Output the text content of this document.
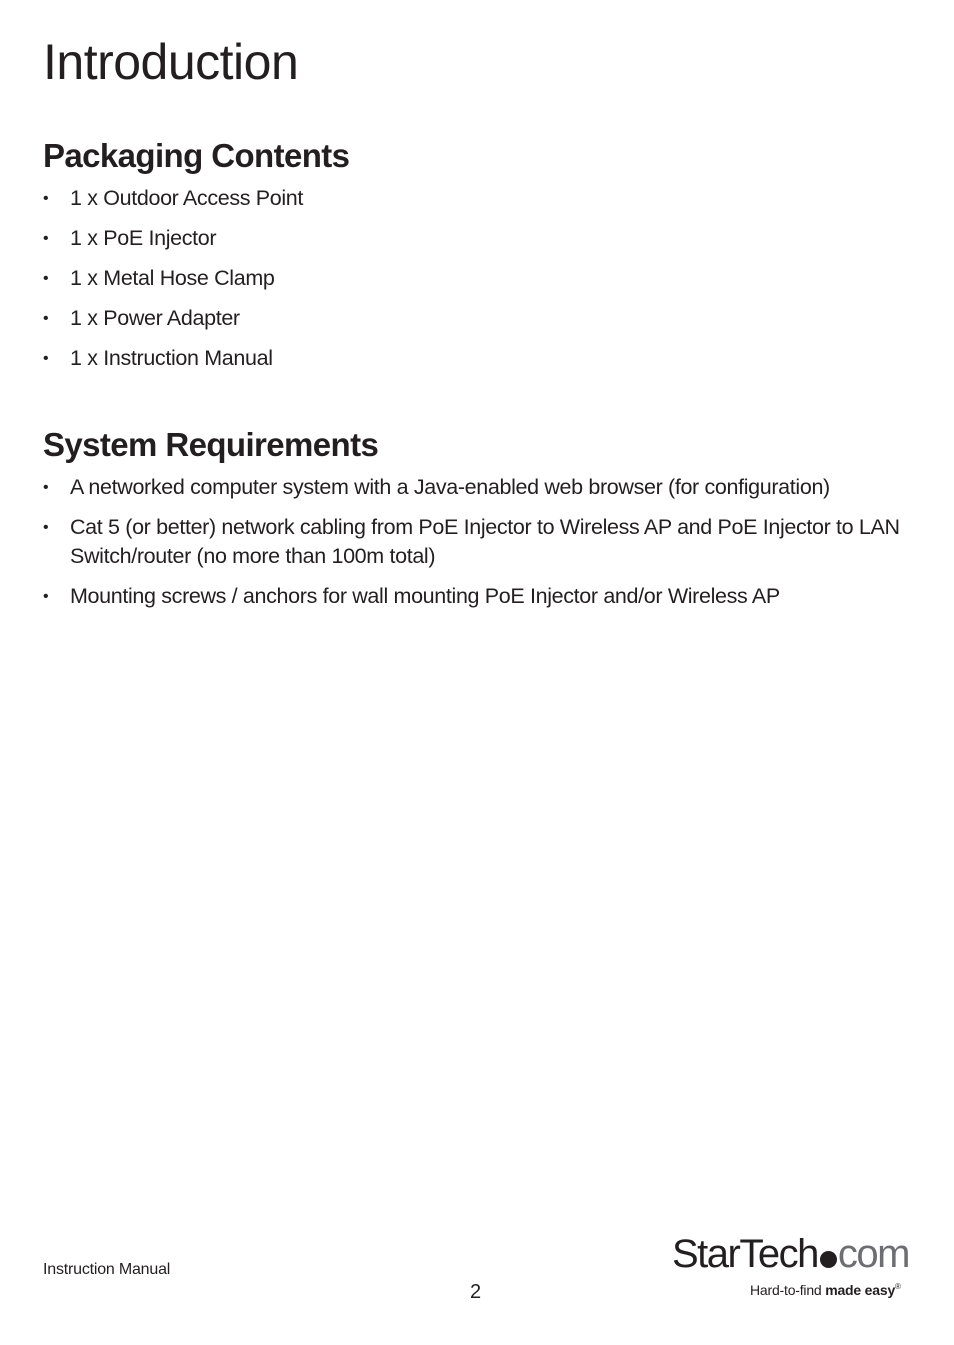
Introduction
Packaging Contents
• 1 x Outdoor Access Point
• 1 x PoE Injector
• 1 x Metal Hose Clamp
• 1 x Power Adapter
• 1 x Instruction Manual
System Requirements
• A networked computer system with a Java-enabled web browser (for configuration)
• Cat 5 (or better) network cabling from PoE Injector to Wireless AP and PoE Injector to LAN Switch/router (no more than 100m total)
• Mounting screws / anchors for wall mounting PoE Injector and/or Wireless AP
Instruction Manual
2
StarTech com
Hard-to-find made easy®
